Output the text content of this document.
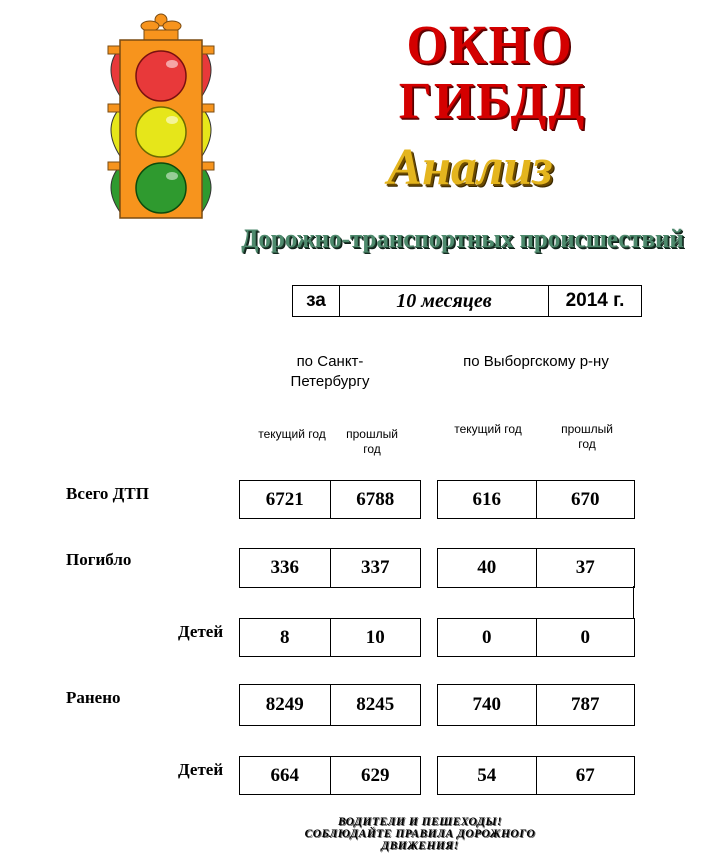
ОКНО
ГИБДД
Анализ
Дорожно-транспортных происшествий
за	10 месяцев	2014 г.
по Санкт-Петербургу
по Выборгскому р-ну
текущий год	прошлый год
текущий год	прошлый год
Всего ДТП	6721	6788	616	670
Погибло	336	337	40	37
Детей	8	10	0	0
Ранено	8249	8245	740	787
Детей	664	629	54	67
ВОДИТЕЛИ И ПЕШЕХОДЫ!
СОБЛЮДАЙТЕ ПРАВИЛА ДОРОЖНОГО
ДВИЖЕНИЯ!
